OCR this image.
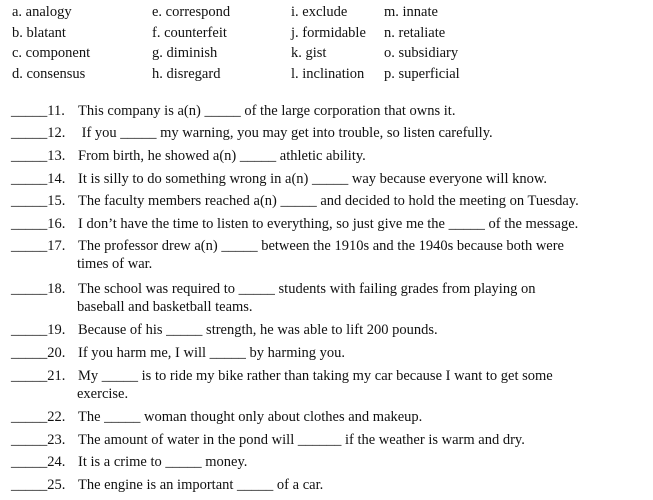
a. analogy	e. correspond	i. exclude	m. innate
b. blatant	f. counterfeit	j. formidable n. retaliate
c. component	g. diminish	k. gist	o. subsidiary
d. consensus	h. disregard	l. inclination p. superficial
_____11. This company is a(n) _____ of the large corporation that owns it.
_____12. If you _____ my warning, you may get into trouble, so listen carefully.
_____13. From birth, he showed a(n) _____ athletic ability.
_____14. It is silly to do something wrong in a(n) _____ way because everyone will know.
_____15. The faculty members reached a(n) _____ and decided to hold the meeting on Tuesday.
_____16. I don’t have the time to listen to everything, so just give me the _____ of the message.
_____17. The professor drew a(n) _____ between the 1910s and the 1940s because both were
times of war.
_____18. The school was required to _____ students with failing grades from playing on
baseball and basketball teams.
_____19. Because of his _____ strength, he was able to lift 200 pounds.
_____20. If you harm me, I will _____ by harming you.
_____21. My _____ is to ride my bike rather than taking my car because I want to get some
exercise.
_____22. The _____ woman thought only about clothes and makeup.
_____23. The amount of water in the pond will ______ if the weather is warm and dry.
_____24. It is a crime to _____ money.
_____25. The engine is an important _____ of a car.
